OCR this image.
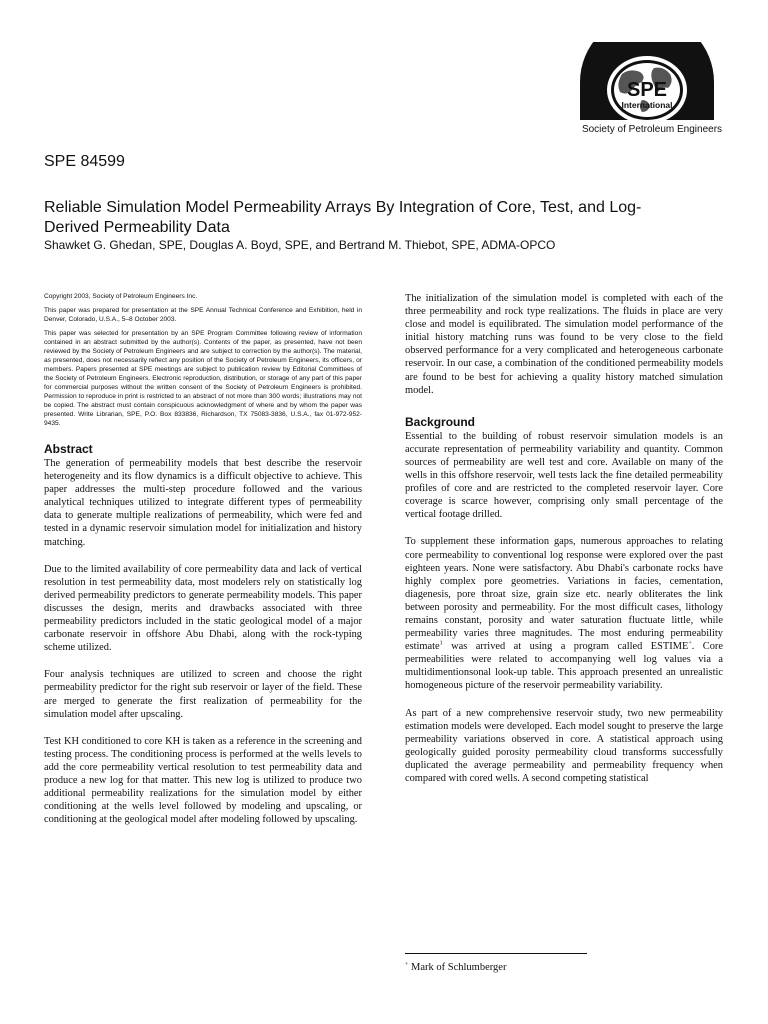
SPE
International
Society of Petroleum Engineers
SPE 84599
Reliable Simulation Model Permeability Arrays By Integration of Core, Test, and Log-Derived Permeability Data
Shawket G. Ghedan, SPE, Douglas A. Boyd, SPE, and Bertrand M. Thiebot, SPE, ADMA-OPCO

Copyright 2003, Society of Petroleum Engineers Inc.

This paper was prepared for presentation at the SPE Annual Technical Conference and Exhibition, held in Denver, Colorado, U.S.A., 5–8 October 2003.

This paper was selected for presentation by an SPE Program Committee following review of information contained in an abstract submitted by the author(s). Contents of the paper, as presented, have not been reviewed by the Society of Petroleum Engineers and are subject to correction by the author(s). The material, as presented, does not necessarily reflect any position of the Society of Petroleum Engineers, its officers, or members. Papers presented at SPE meetings are subject to publication review by Editorial Committees of the Society of Petroleum Engineers. Electronic reproduction, distribution, or storage of any part of this paper for commercial purposes without the written consent of the Society of Petroleum Engineers is prohibited. Permission to reproduce in print is restricted to an abstract of not more than 300 words; illustrations may not be copied. The abstract must contain conspicuous acknowledgment of where and by whom the paper was presented. Write Librarian, SPE, P.O. Box 833836, Richardson, TX 75083-3836, U.S.A., fax 01-972-952-9435.

Abstract

The generation of permeability models that best describe the reservoir heterogeneity and its flow dynamics is a difficult objective to achieve. This paper addresses the multi-step procedure followed and the various analytical techniques utilized to integrate different types of permeability data to generate multiple realizations of permeability, which were fed and tested in a dynamic reservoir simulation model for initialization and history matching.

Due to the limited availability of core permeability data and lack of vertical resolution in test permeability data, most modelers rely on statistically log derived permeability predictors to generate permeability models. This paper discusses the design, merits and drawbacks associated with three permeability predictors included in the static geological model of a major carbonate reservoir in offshore Abu Dhabi, along with the rock-typing scheme utilized.

Four analysis techniques are utilized to screen and choose the right permeability predictor for the right sub reservoir or layer of the field. These are merged to generate the first realization of permeability for the simulation model after upscaling.

Test KH conditioned to core KH is taken as a reference in the screening and testing process. The conditioning process is performed at the wells levels to add the core permeability vertical resolution to test permeability data and produce a new log for that matter. This new log is utilized to produce two additional permeability realizations for the simulation model by either conditioning at the wells level followed by modeling and upscaling, or conditioning at the geological model after modeling followed by upscaling.

The initialization of the simulation model is completed with each of the three permeability and rock type realizations. The fluids in place are very close and model is equilibrated. The simulation model performance of the initial history matching runs was found to be very close to the field observed performance for a very complicated and heterogeneous carbonate reservoir. In our case, a combination of the conditioned permeability models are found to be best for achieving a quality history matched simulation model.

Background

Essential to the building of robust reservoir simulation models is an accurate representation of permeability variability and quantity. Common sources of permeability are well test and core. Available on many of the wells in this offshore reservoir, well tests lack the fine detailed permeability profiles of core and are restricted to the completed reservoir layer. Core coverage is scarce however, comprising only small percentage of the vertical footage drilled.

To supplement these information gaps, numerous approaches to relating core permeability to conventional log response were explored over the past eighteen years. None were satisfactory. Abu Dhabi's carbonate rocks have highly complex pore geometries. Variations in facies, cementation, diagenesis, pore throat size, grain size etc. nearly obliterates the link between porosity and permeability. For the most difficult cases, lithology remains constant, porosity and water saturation fluctuate little, while permeability varies three magnitudes. The most enduring permeability estimate$^1$ was arrived at using a program called ESTIME+. Core permeabilities were related to accompanying well log values via a multidimentionsonal look-up table. This approach presented an unrealistic homogeneous picture of the reservoir permeability variability.

As part of a new comprehensive reservoir study, two new permeability estimation models were developed. Each model sought to preserve the large permeability variations observed in core. A statistical approach using geologically guided porosity permeability cloud transforms successfully duplicated the average permeability and permeability frequency when compared with cored wells. A second competing statistical

+ Mark of Schlumberger
